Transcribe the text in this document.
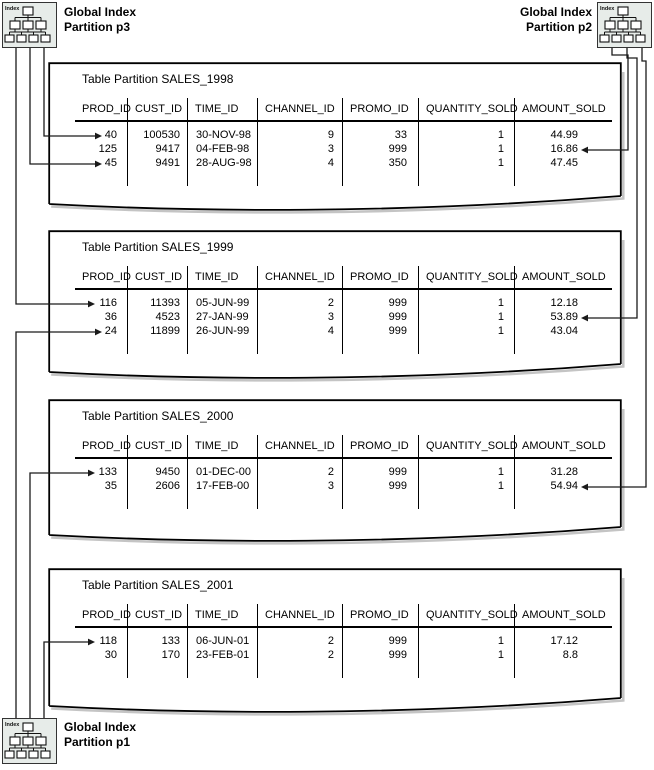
Table Partition SALES_1998
PROD_ID CUST_ID	TIME_ID	CHANNEL_ID	PROMO_ID	QUANTITY_SOLD AMOUNT_SOLD
40	100530	30-NOV-98	9	33	1	44.99
125	9417	04-FEB-98	3	999	1	16.86
45	9491	28-AUG-98	4	350	1	47.45
Table Partition SALES_1999
PROD_ID CUST_ID	TIME_ID	CHANNEL_ID	PROMO_ID	QUANTITY_SOLD AMOUNT_SOLD
116	11393	05-JUN-99	2	999	1	12.18
36	4523	27-JAN-99	3	999	1	53.89
24	11899	26-JUN-99	4	999	1	43.04
Table Partition SALES_2000
PROD_ID CUST_ID	TIME_ID	CHANNEL_ID	PROMO_ID	QUANTITY_SOLD AMOUNT_SOLD
133	9450	01-DEC-00	2	999	1	31.28
35	2606	17-FEB-00	3	999	1	54.94
Table Partition SALES_2001
PROD_ID CUST_ID	TIME_ID	CHANNEL_ID	PROMO_ID	QUANTITY_SOLD AMOUNT_SOLD
118	133	06-JUN-01	2	999	1	17.12
30	170	23-FEB-01	2	999	1	8.8
Index	Global Index
Partition p3
Index
Global Index
Partition p2
Index	Global Index
Partition p1
